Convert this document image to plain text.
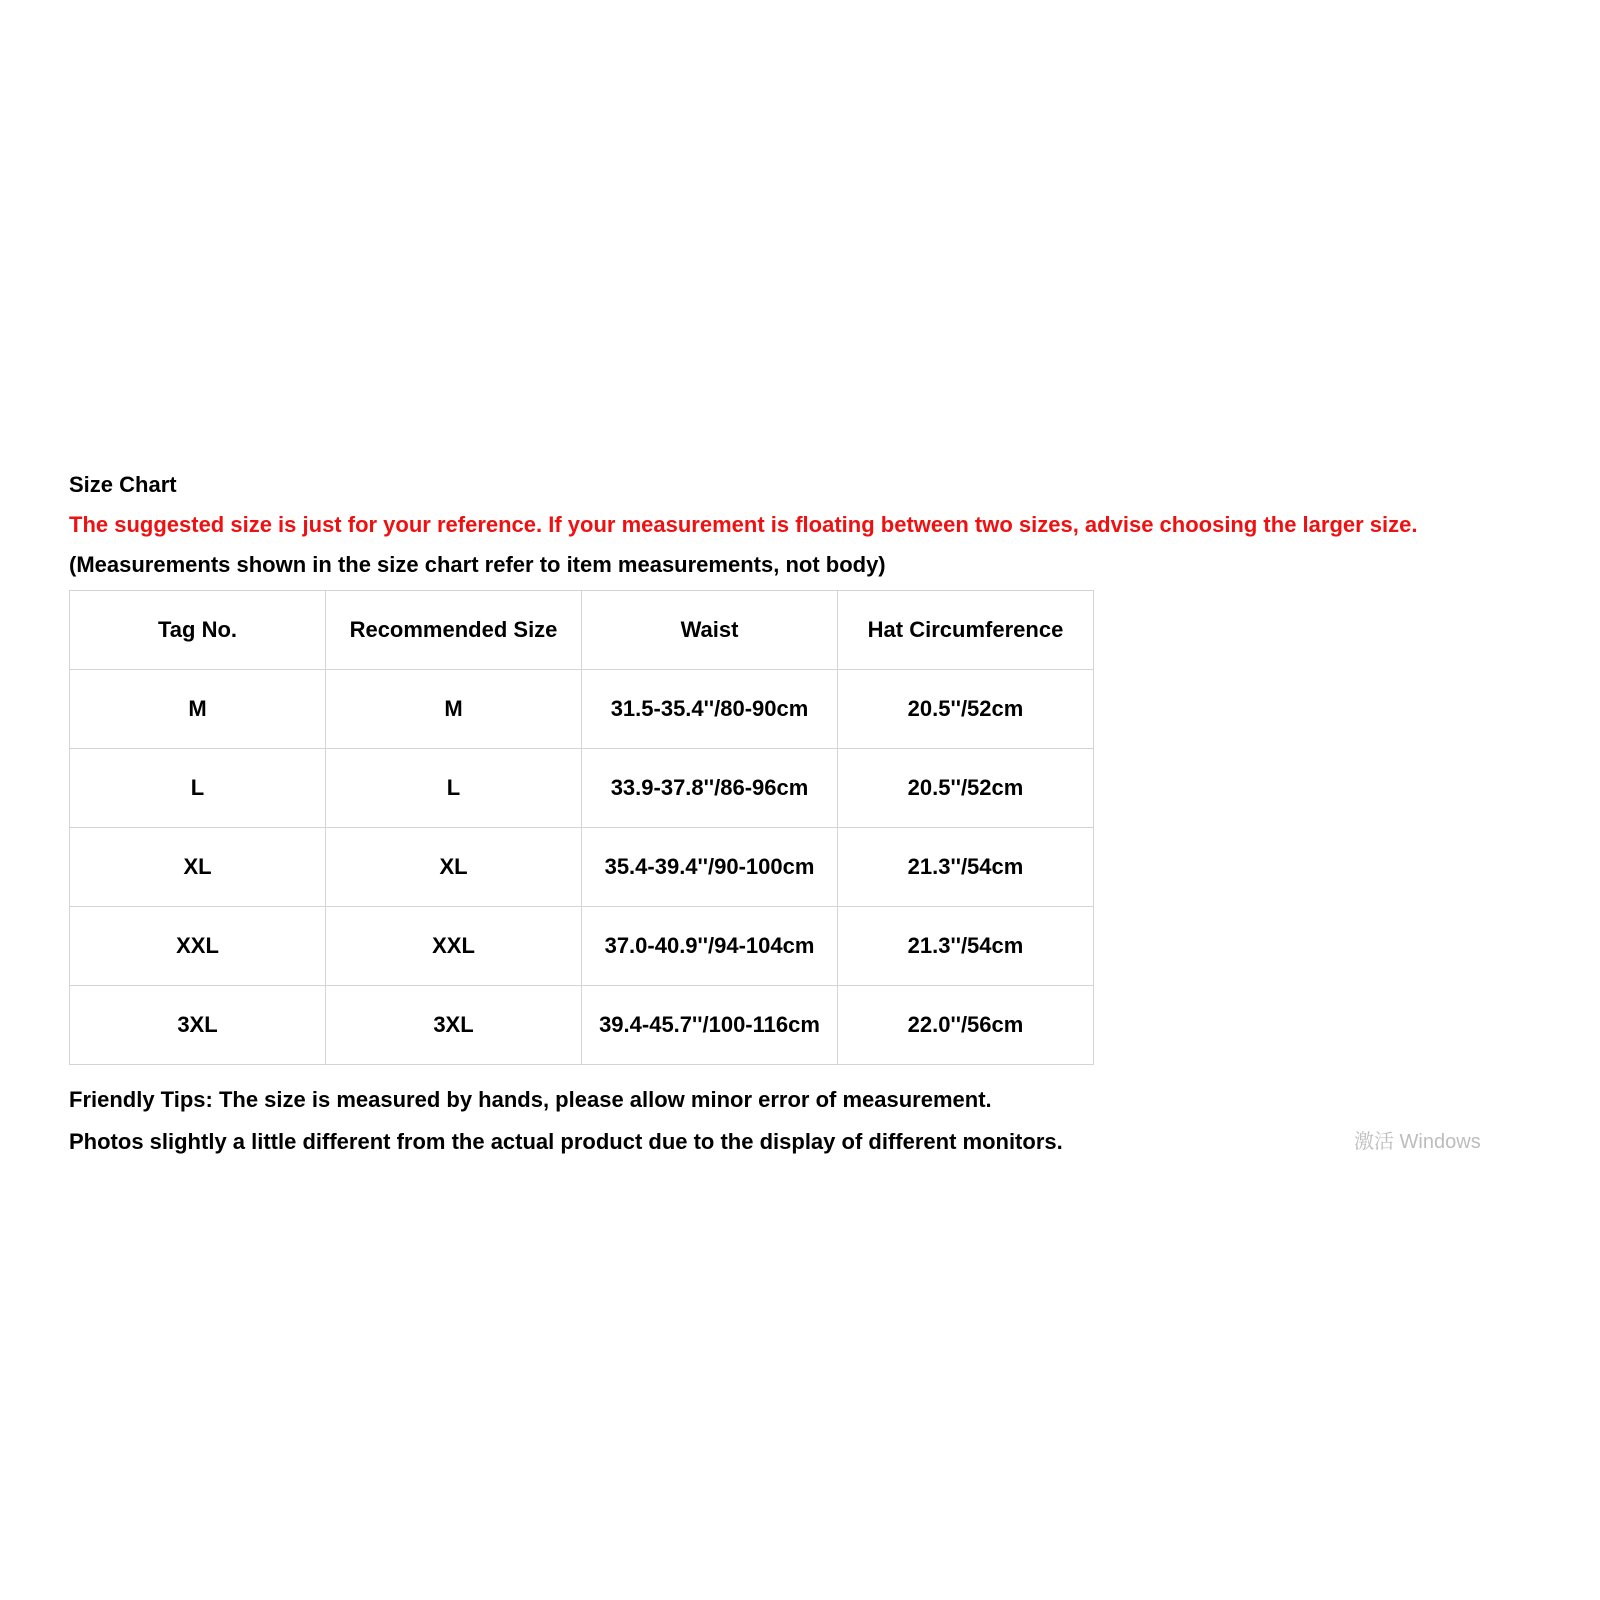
Size Chart
The suggested size is just for your reference. If your measurement is floating between two sizes, advise choosing the larger size.
(Measurements shown in the size chart refer to item measurements, not body)
Tag No.	Recommended Size	Waist	Hat Circumference
M	M	31.5-35.4''/80-90cm	20.5''/52cm
L	L	33.9-37.8''/86-96cm	20.5''/52cm
XL	XL	35.4-39.4''/90-100cm	21.3''/54cm
XXL	XXL	37.0-40.9''/94-104cm	21.3''/54cm
3XL	3XL	39.4-45.7''/100-116cm	22.0''/56cm
Friendly Tips: The size is measured by hands, please allow minor error of measurement.
Photos slightly a little different from the actual product due to the display of different monitors.	激活 Windows
